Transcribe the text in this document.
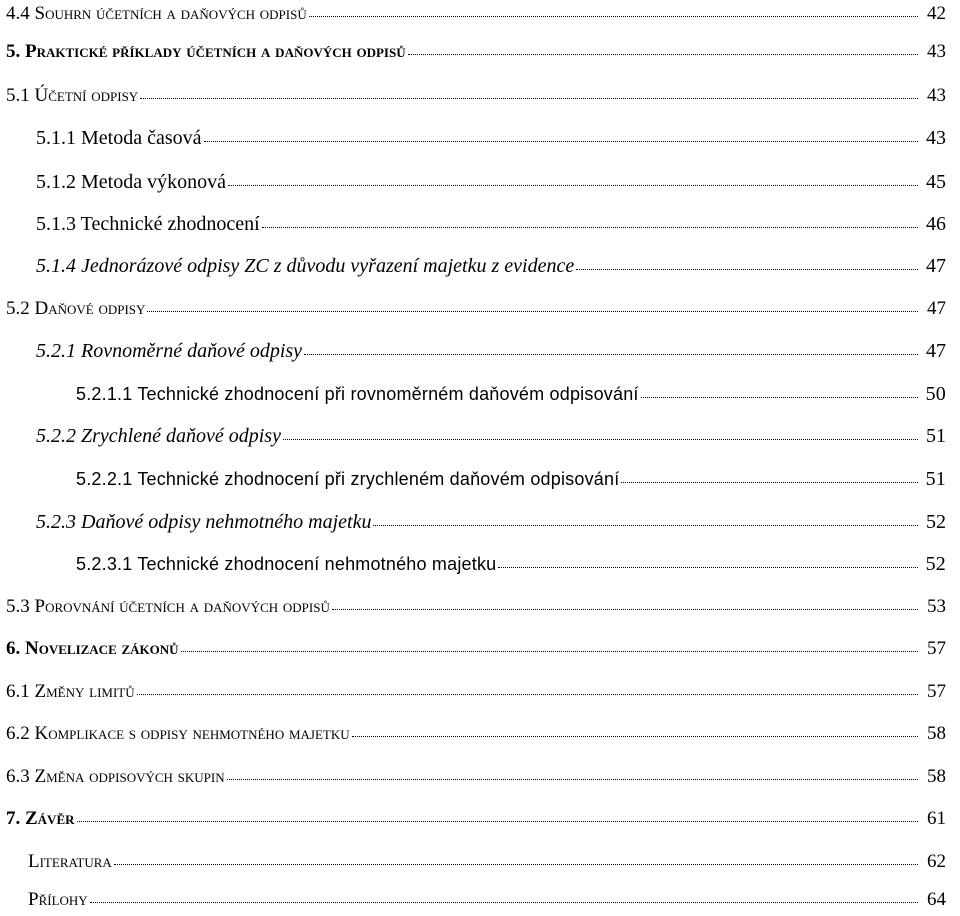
4.4 Souhrn účetních a daňových odpisů	42
5. Praktické příklady účetních a daňových odpisů	43
5.1 Účetní odpisy	43
5.1.1 Metoda časová	43
5.1.2 Metoda výkonová	45
5.1.3 Technické zhodnocení	46
5.1.4 Jednorázové odpisy ZC z důvodu vyřazení majetku z evidence	47
5.2 Daňové odpisy	47
5.2.1 Rovnoměrné daňové odpisy	47
5.2.1.1 Technické zhodnocení při rovnoměrném daňovém odpisování	50
5.2.2 Zrychlené daňové odpisy	51
5.2.2.1 Technické zhodnocení při zrychleném daňovém odpisování	51
5.2.3 Daňové odpisy nehmotného majetku	52
5.2.3.1 Technické zhodnocení nehmotného majetku	52
5.3 Porovnání účetních a daňových odpisů	53
6. Novelizace zákonů	57
6.1 Změny limitů	57
6.2 Komplikace s odpisy nehmotného majetku	58
6.3 Změna odpisových skupin	58
7. Závěr	61
Literatura	62
Přílohy	64
